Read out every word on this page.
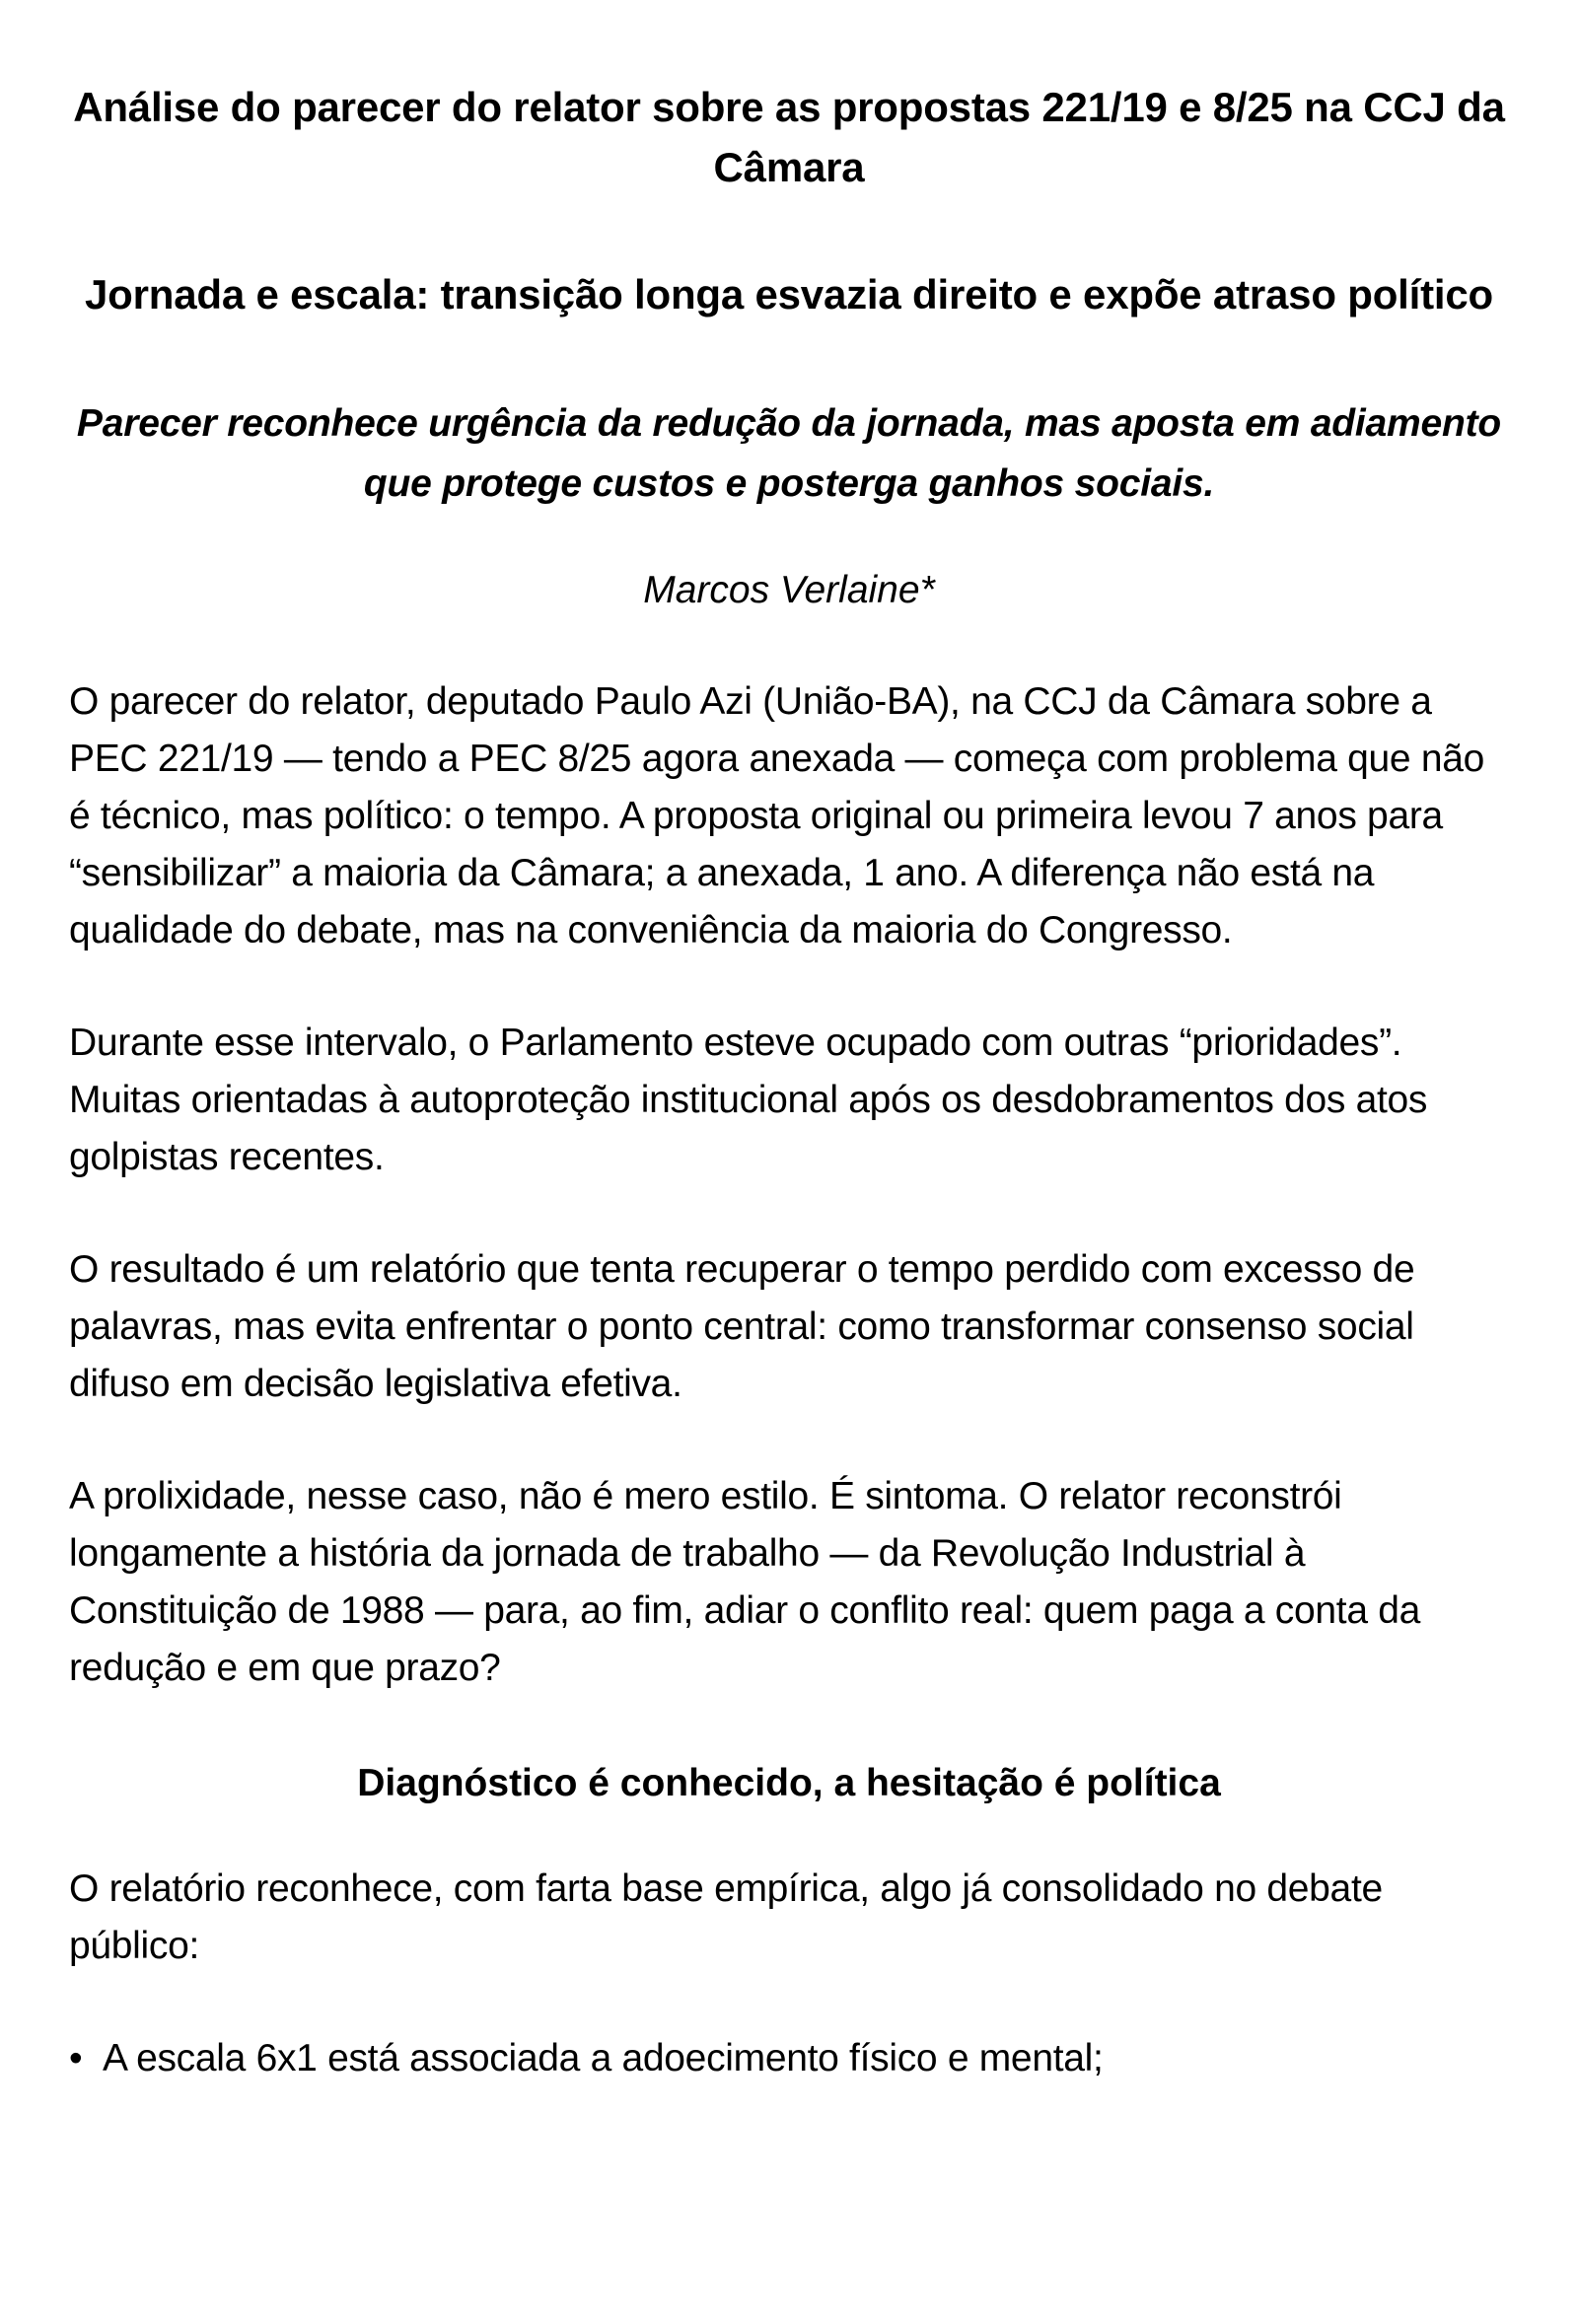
Análise do parecer do relator sobre as propostas 221/19 e 8/25 na CCJ da Câmara
Jornada e escala: transição longa esvazia direito e expõe atraso político

Parecer reconhece urgência da redução da jornada, mas aposta em adiamento que protege custos e posterga ganhos sociais.

Marcos Verlaine*

O parecer do relator, deputado Paulo Azi (União-BA), na CCJ da Câmara sobre a PEC 221/19 — tendo a PEC 8/25 agora anexada — começa com problema que não é técnico, mas político: o tempo. A proposta original ou primeira levou 7 anos para “sensibilizar” a maioria da Câmara; a anexada, 1 ano. A diferença não está na qualidade do debate, mas na conveniência da maioria do Congresso.

Durante esse intervalo, o Parlamento esteve ocupado com outras “prioridades”. Muitas orientadas à autoproteção institucional após os desdobramentos dos atos golpistas recentes.

O resultado é um relatório que tenta recuperar o tempo perdido com excesso de palavras, mas evita enfrentar o ponto central: como transformar consenso social difuso em decisão legislativa efetiva.

A prolixidade, nesse caso, não é mero estilo. É sintoma. O relator reconstrói longamente a história da jornada de trabalho — da Revolução Industrial à Constituição de 1988 — para, ao fim, adiar o conflito real: quem paga a conta da redução e em que prazo?

Diagnóstico é conhecido, a hesitação é política

O relatório reconhece, com farta base empírica, algo já consolidado no debate público:

• A escala 6x1 está associada a adoecimento físico e mental;
